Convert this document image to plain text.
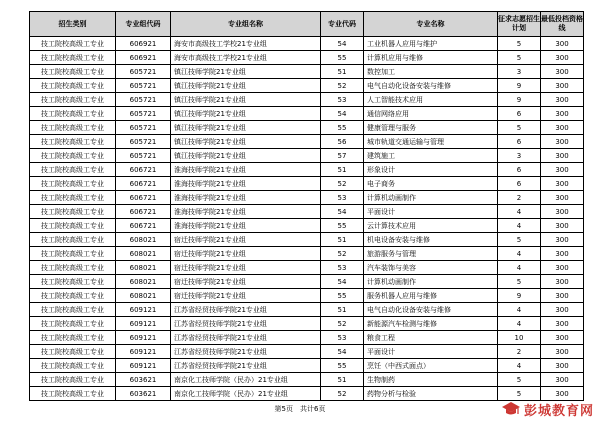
招生类别	专业组代码	专业组名称	专业代码	专业名称	征求志愿招生计划	最低投档资格线
技工院校高级工专业	606921	海安市高级技工学校21专业组	54	工业机器人应用与维护	5	300
技工院校高级工专业	606921	海安市高级技工学校21专业组	55	计算机应用与维修	5	300
技工院校高级工专业	605721	镇江技师学院21专业组	51	数控加工	3	300
技工院校高级工专业	605721	镇江技师学院21专业组	52	电气自动化设备安装与维修	9	300
技工院校高级工专业	605721	镇江技师学院21专业组	53	人工智能技术应用	9	300
技工院校高级工专业	605721	镇江技师学院21专业组	54	通信网络应用	6	300
技工院校高级工专业	605721	镇江技师学院21专业组	55	健康管理与服务	5	300
技工院校高级工专业	605721	镇江技师学院21专业组	56	城市轨道交通运输与管理	6	300
技工院校高级工专业	605721	镇江技师学院21专业组	57	建筑施工	3	300
技工院校高级工专业	606721	淮海技师学院21专业组	51	形象设计	6	300
技工院校高级工专业	606721	淮海技师学院21专业组	52	电子商务	6	300
技工院校高级工专业	606721	淮海技师学院21专业组	53	计算机动画制作	2	300
技工院校高级工专业	606721	淮海技师学院21专业组	54	平面设计	4	300
技工院校高级工专业	606721	淮海技师学院21专业组	55	云计算技术应用	4	300
技工院校高级工专业	608021	宿迁技师学院21专业组	51	机电设备安装与维修	5	300
技工院校高级工专业	608021	宿迁技师学院21专业组	52	旅游服务与管理	4	300
技工院校高级工专业	608021	宿迁技师学院21专业组	53	汽车装饰与美容	4	300
技工院校高级工专业	608021	宿迁技师学院21专业组	54	计算机动画制作	5	300
技工院校高级工专业	608021	宿迁技师学院21专业组	55	服务机器人应用与维修	9	300
技工院校高级工专业	609121	江苏省经贸技师学院21专业组	51	电气自动化设备安装与维修	4	300
技工院校高级工专业	609121	江苏省经贸技师学院21专业组	52	新能源汽车检测与维修	4	300
技工院校高级工专业	609121	江苏省经贸技师学院21专业组	53	粮食工程	10	300
技工院校高级工专业	609121	江苏省经贸技师学院21专业组	54	平面设计	2	300
技工院校高级工专业	609121	江苏省经贸技师学院21专业组	55	烹饪（中西式面点）	4	300
技工院校高级工专业	603621	南京化工技师学院（民办）21专业组	51	生物制药	5	300
技工院校高级工专业	603621	南京化工技师学院（民办）21专业组	52	药物分析与检验	5	300
第5页　共计6页	彭城教育网
